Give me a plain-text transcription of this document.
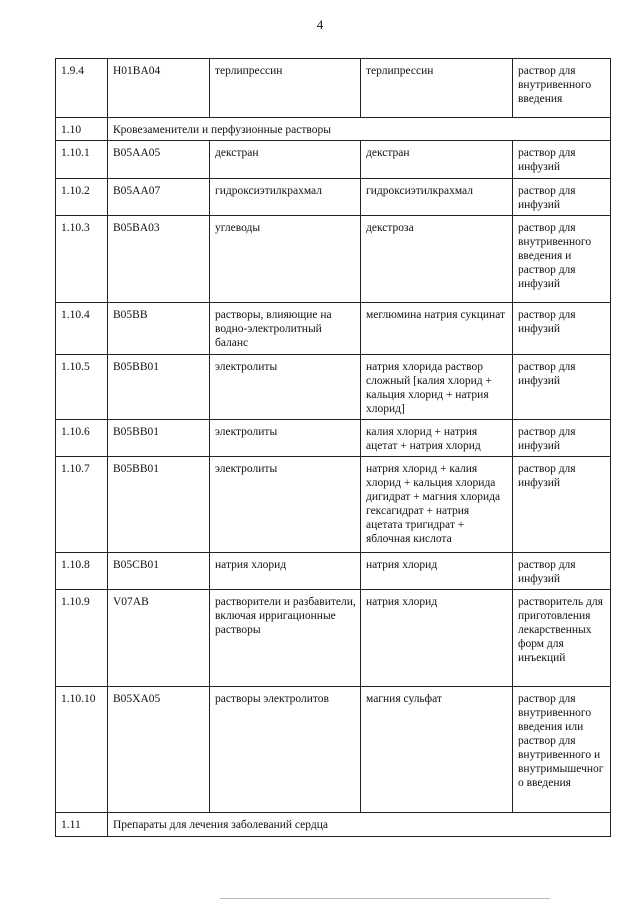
4
1.9.4	H01BA04	терлипрессин	терлипрессин	раствор для внутривенного введения
1.10	Кровезаменители и перфузионные растворы			
1.10.1	B05AA05	декстран	декстран	раствор для инфузий
1.10.2	B05AA07	гидроксиэтилкрахмал	гидроксиэтилкрахмал	раствор для инфузий
1.10.3	B05BA03	углеводы	декстроза	раствор для внутривенного введения и раствор для инфузий
1.10.4	B05BB	растворы, влияющие на водно-электролитный баланс	меглюмина натрия сукцинат	раствор для инфузий
1.10.5	B05BB01	электролиты	натрия хлорида раствор сложный [калия хлорид + кальция хлорид + натрия хлорид]	раствор для инфузий
1.10.6	B05BB01	электролиты	калия хлорид + натрия ацетат + натрия хлорид	раствор для инфузий
1.10.7	B05BB01	электролиты	натрия хлорид + калия хлорид + кальция хлорида дигидрат + магния хлорида гексагидрат + натрия ацетата тригидрат + яблочная кислота	раствор для инфузий
1.10.8	B05CB01	натрия хлорид	натрия хлорид	раствор для инфузий
1.10.9	V07AB	растворители и разбавители, включая ирригационные растворы	натрия хлорид	растворитель для приготовления лекарственных форм для инъекций
1.10.10	B05XA05	растворы электролитов	магния сульфат	раствор для внутривенного введения или раствор для внутривенного и внутримышечного введения
1.11	Препараты для лечения заболеваний сердца			
